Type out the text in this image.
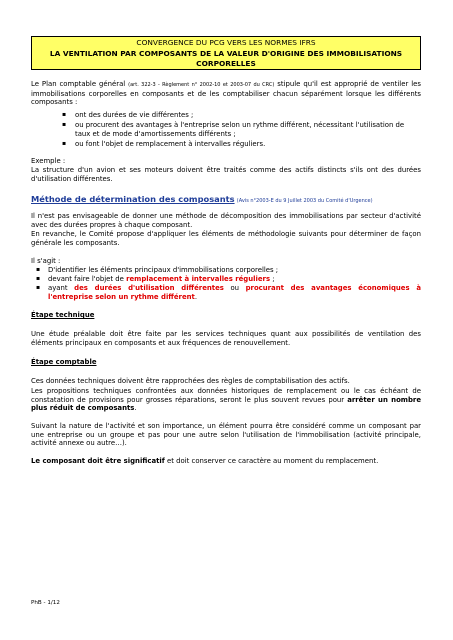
CONVERGENCE DU PCG VERS LES NORMES IFRS
LA VENTILATION PAR COMPOSANTS DE LA VALEUR D'ORIGINE DES IMMOBILISATIONS CORPORELLES
Le Plan comptable général (art. 322-3 - Règlement n° 2002-10 et 2003-07 du CRC) stipule qu'il est approprié de ventiler les immobilisations corporelles en composants et de les comptabiliser chacun séparément lorsque les différents composants :
▪ ont des durées de vie différentes ;
▪ ou procurent des avantages à l'entreprise selon un rythme différent, nécessitant l'utilisation de taux et de mode d'amortissements différents ;
▪ ou font l'objet de remplacement à intervalles réguliers.
Exemple :
La structure d'un avion et ses moteurs doivent être traités comme des actifs distincts s'ils ont des durées d'utilisation différentes.
Méthode de détermination des composants (Avis n°2003-E du 9 Juillet 2003 du Comité d'Urgence)
Il n'est pas envisageable de donner une méthode de décomposition des immobilisations par secteur d'activité avec des durées propres à chaque composant.
En revanche, le Comité propose d'appliquer les éléments de méthodologie suivants pour déterminer de façon générale les composants.
Il s'agit :
▪ D'identifier les éléments principaux d'immobilisations corporelles ;
▪ devant faire l'objet de remplacement à intervalles réguliers ;
▪ ayant des durées d'utilisation différentes ou procurant des avantages économiques à l'entreprise selon un rythme différent.
Étape technique
Une étude préalable doit être faite par les services techniques quant aux possibilités de ventilation des éléments principaux en composants et aux fréquences de renouvellement.
Étape comptable
Ces données techniques doivent être rapprochées des règles de comptabilisation des actifs.
Les propositions techniques confrontées aux données historiques de remplacement ou le cas échéant de constatation de provisions pour grosses réparations, seront le plus souvent revues pour arrêter un nombre plus réduit de composants.
Suivant la nature de l'activité et son importance, un élément pourra être considéré comme un composant par une entreprise ou un groupe et pas pour une autre selon l'utilisation de l'immobilisation (activité principale, activité annexe ou autre…).
Le composant doit être significatif et doit conserver ce caractère au moment du remplacement.
PhB - 1/12
